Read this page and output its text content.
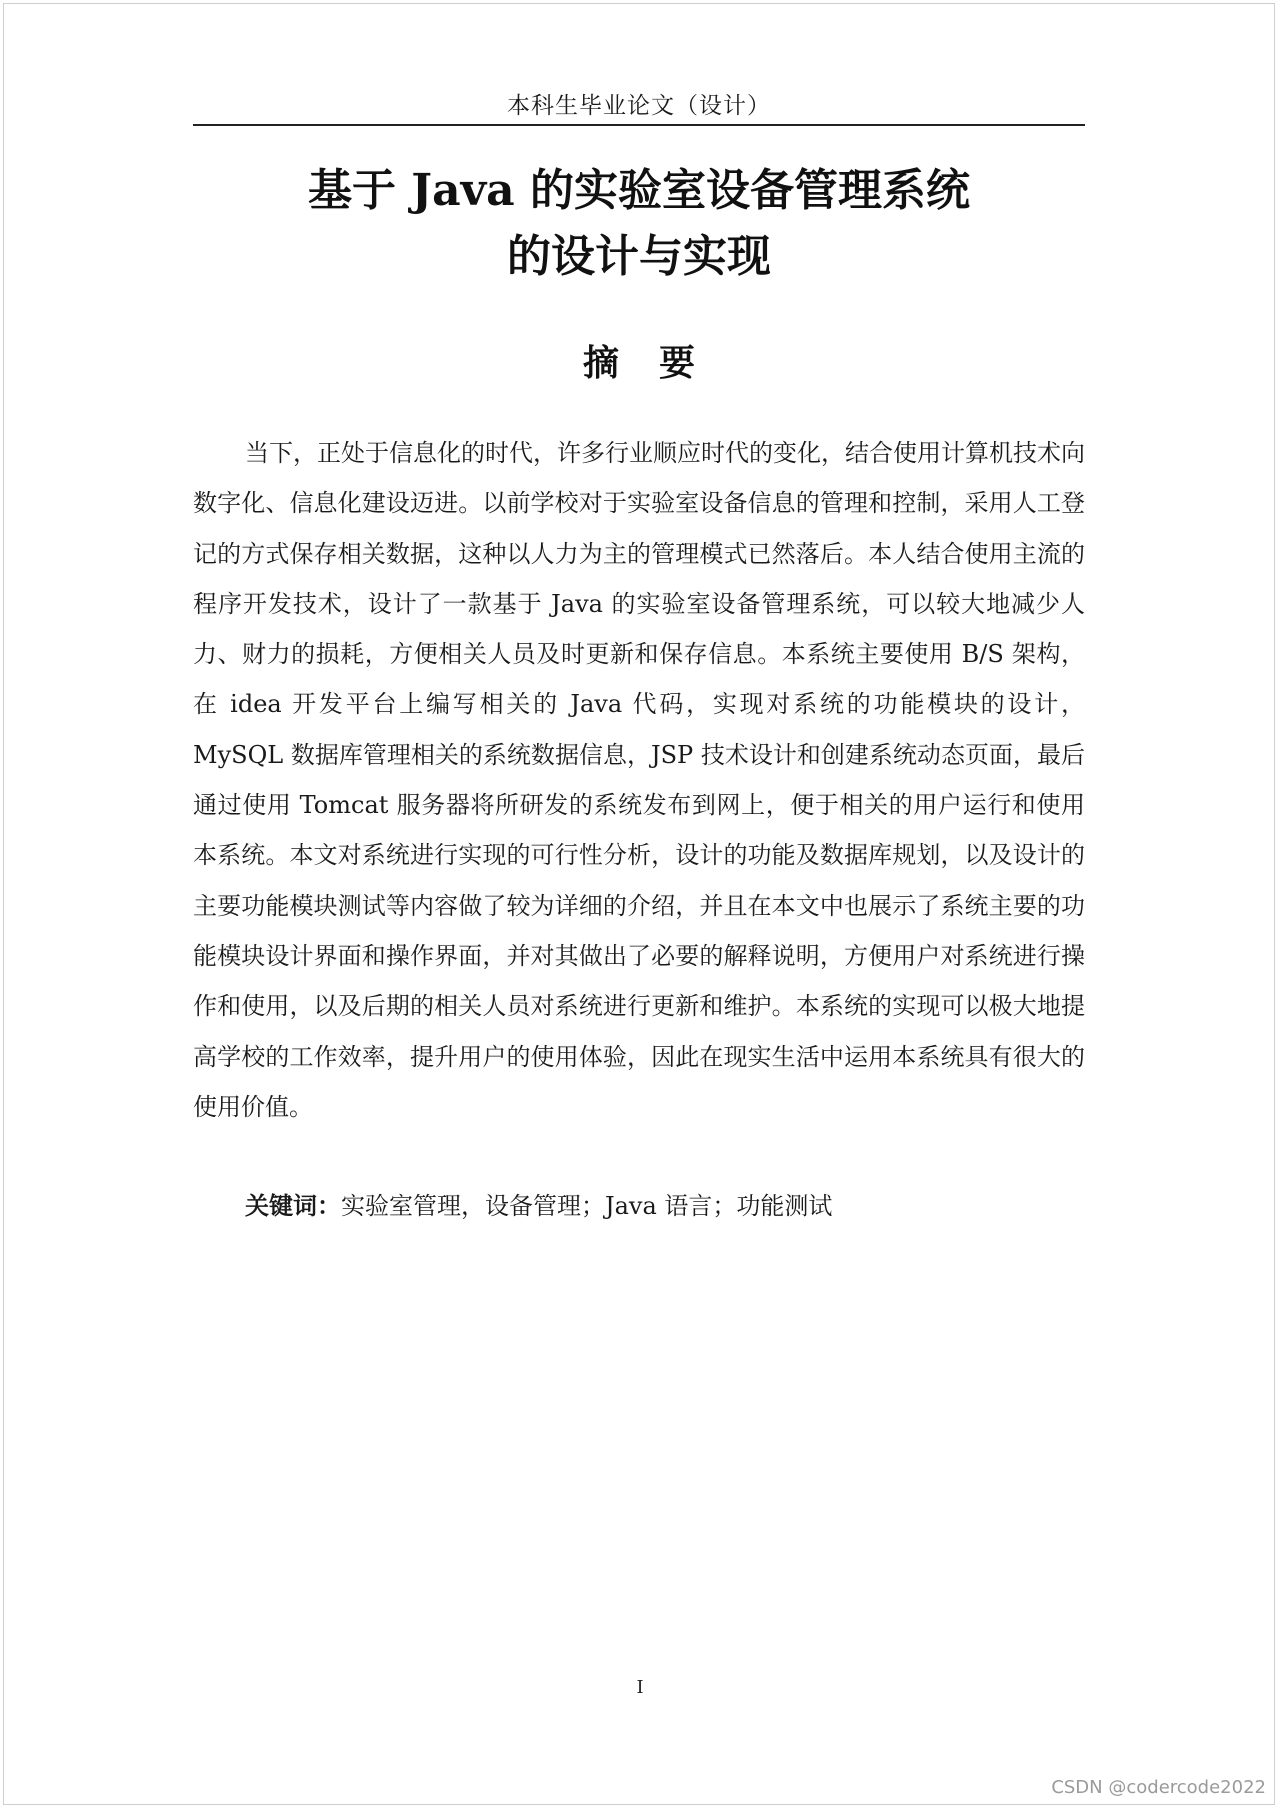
本科生毕业论文（设计）
基于 Java 的实验室设备管理系统
的设计与实现
摘要

当下，正处于信息化的时代，许多行业顺应时代的变化，结合使用计算机技术向数字化、信息化建设迈进。以前学校对于实验室设备信息的管理和控制，采用人工登记的方式保存相关数据，这种以人力为主的管理模式已然落后。本人结合使用主流的程序开发技术，设计了一款基于 Java 的实验室设备管理系统，可以较大地减少人力、财力的损耗，方便相关人员及时更新和保存信息。本系统主要使用 B/S 架构，在 idea 开发平台上编写相关的 Java 代码，实现对系统的功能模块的设计，MySQL 数据库管理相关的系统数据信息，JSP 技术设计和创建系统动态页面，最后通过使用 Tomcat 服务器将所研发的系统发布到网上，便于相关的用户运行和使用本系统。本文对系统进行实现的可行性分析，设计的功能及数据库规划，以及设计的主要功能模块测试等内容做了较为详细的介绍，并且在本文中也展示了系统主要的功能模块设计界面和操作界面，并对其做出了必要的解释说明，方便用户对系统进行操作和使用，以及后期的相关人员对系统进行更新和维护。本系统的实现可以极大地提高学校的工作效率，提升用户的使用体验，因此在现实生活中运用本系统具有很大的使用价值。

关键词：实验室管理，设备管理；Java 语言；功能测试
I
CSDN @codercode2022
